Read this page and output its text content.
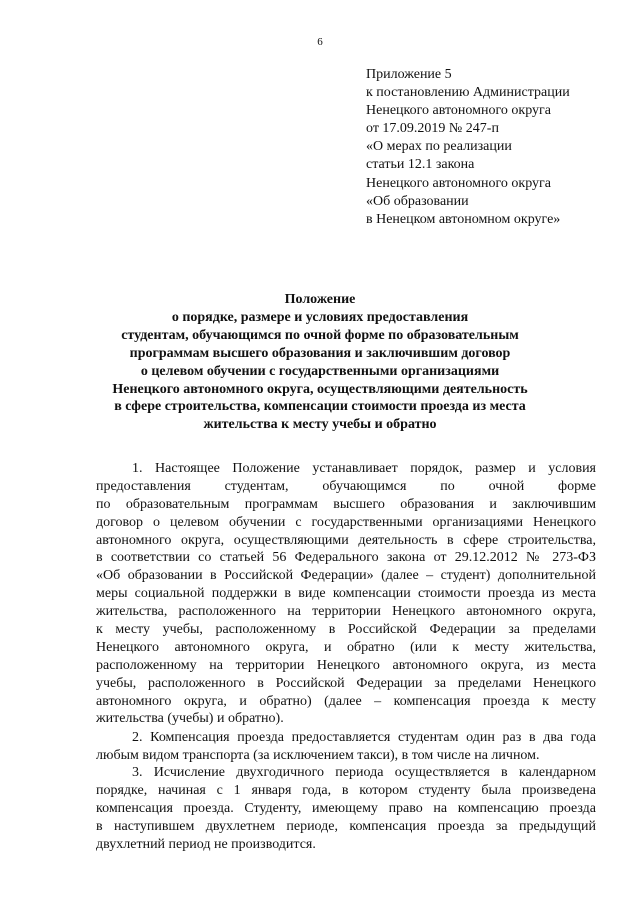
6
Приложение 5
к постановлению Администрации
Ненецкого автономного округа
от 17.09.2019 № 247-п
«О мерах по реализации
статьи 12.1 закона
Ненецкого автономного округа
«Об образовании
в Ненецком автономном округе»
Положение
о порядке, размере и условиях предоставления
студентам, обучающимся по очной форме по образовательным
программам высшего образования и заключившим договор
о целевом обучении с государственными организациями
Ненецкого автономного округа, осуществляющими деятельность
в сфере строительства, компенсации стоимости проезда из места
жительства к месту учебы и обратно
1. Настоящее Положение устанавливает порядок, размер и условия
предоставления студентам, обучающимся по очной форме
по образовательным программам высшего образования и заключившим
договор о целевом обучении с государственными организациями Ненецкого
автономного округа, осуществляющими деятельность в сфере строительства,
в соответствии со статьей 56 Федерального закона от 29.12.2012 № 273-ФЗ
«Об образовании в Российской Федерации» (далее – студент) дополнительной
меры социальной поддержки в виде компенсации стоимости проезда из места
жительства, расположенного на территории Ненецкого автономного округа,
к месту учебы, расположенному в Российской Федерации за пределами
Ненецкого автономного округа, и обратно (или к месту жительства,
расположенному на территории Ненецкого автономного округа, из места
учебы, расположенного в Российской Федерации за пределами Ненецкого
автономного округа, и обратно) (далее – компенсация проезда к месту
жительства (учебы) и обратно).
2. Компенсация проезда предоставляется студентам один раз в два года
любым видом транспорта (за исключением такси), в том числе на личном.
3. Исчисление двухгодичного периода осуществляется в календарном
порядке, начиная с 1 января года, в котором студенту была произведена
компенсация проезда. Студенту, имеющему право на компенсацию проезда
в наступившем двухлетнем периоде, компенсация проезда за предыдущий
двухлетний период не производится.
